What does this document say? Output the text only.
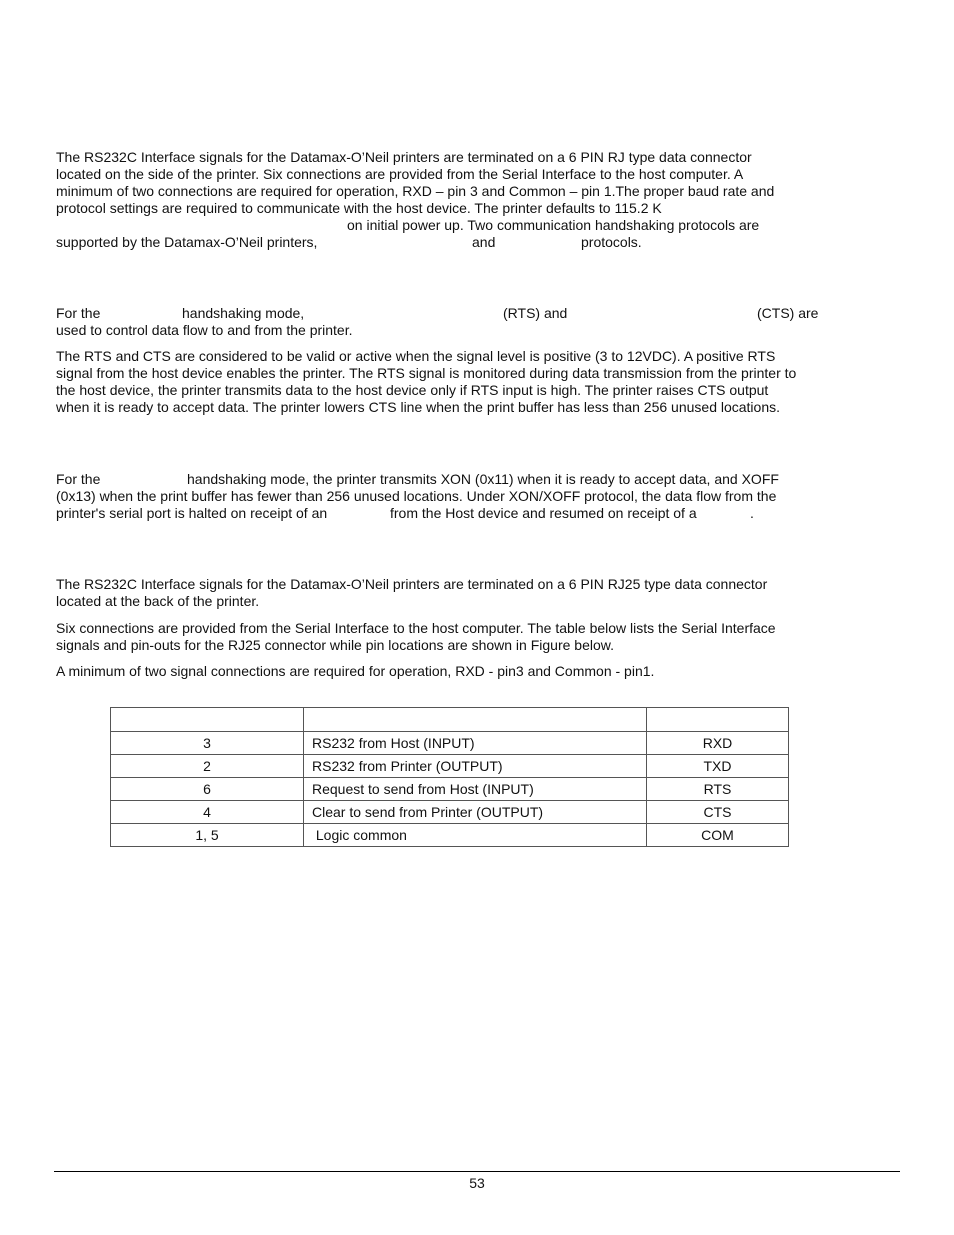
The RS232C Interface signals for the Datamax-O’Neil printers are terminated on a 6 PIN RJ type data connector
located on the side of the printer. Six connections are provided from the Serial Interface to the host computer. A
minimum of two connections are required for operation, RXD – pin 3 and Common – pin 1.The proper baud rate and
protocol settings are required to communicate with the host device. The printer defaults to 115.2 K
on initial power up. Two communication handshaking protocols are
supported by the Datamax-O’Neil printers,	and	protocols.
For the	handshaking mode,	(RTS) and	(CTS) are
used to control data flow to and from the printer.
The RTS and CTS are considered to be valid or active when the signal level is positive (3 to 12VDC). A positive RTS
signal from the host device enables the printer. The RTS signal is monitored during data transmission from the printer to
the host device, the printer transmits data to the host device only if RTS input is high. The printer raises CTS output
when it is ready to accept data. The printer lowers CTS line when the print buffer has less than 256 unused locations.
For the	handshaking mode, the printer transmits XON (0x11) when it is ready to accept data, and XOFF
(0x13) when the print buffer has fewer than 256 unused locations. Under XON/XOFF protocol, the data flow from the
printer's serial port is halted on receipt of an	from the Host device and resumed on receipt of a	.
The RS232C Interface signals for the Datamax-O’Neil printers are terminated on a 6 PIN RJ25 type data connector
located at the back of the printer.
Six connections are provided from the Serial Interface to the host computer. The table below lists the Serial Interface
signals and pin-outs for the RJ25 connector while pin locations are shown in Figure below.
A minimum of two signal connections are required for operation, RXD - pin3 and Common - pin1.

3	RS232 from Host (INPUT)	RXD
2	RS232 from Printer (OUTPUT)	TXD
6	Request to send from Host (INPUT)	RTS
4	Clear to send from Printer (OUTPUT)	CTS
1, 5	Logic common	COM
53
